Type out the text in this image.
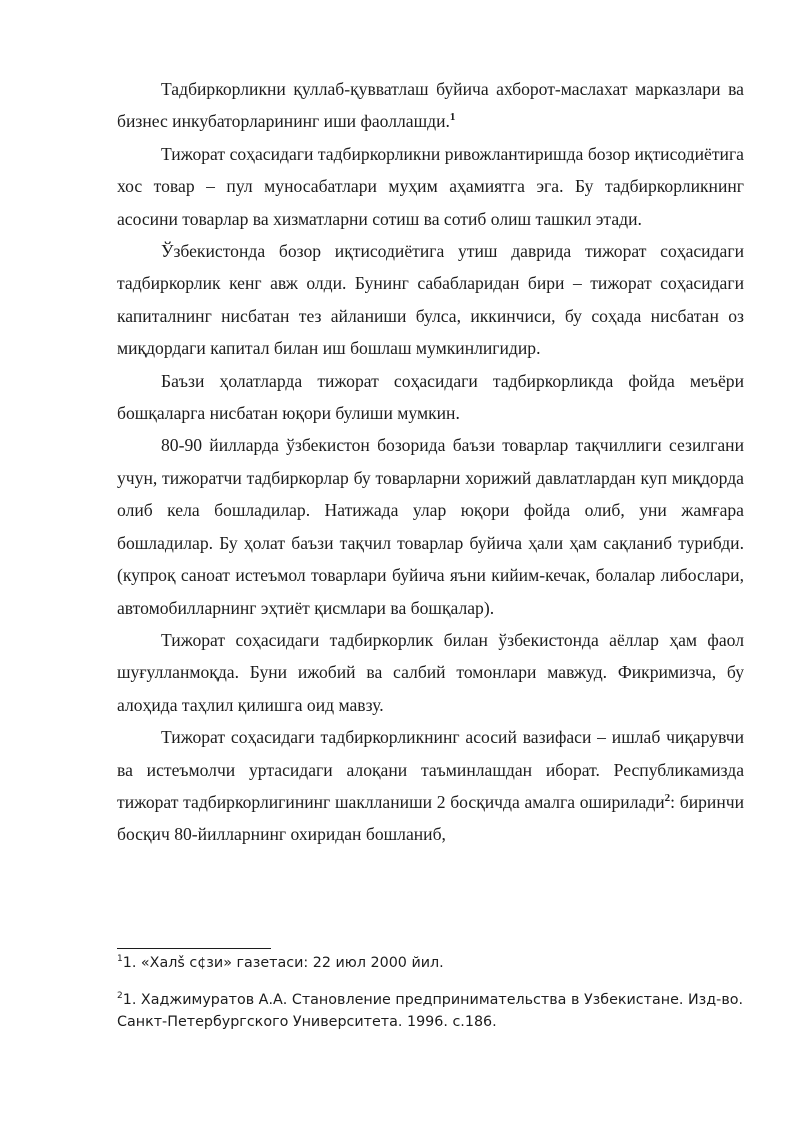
Тадбиркорликни қуллаб-қувватлаш буйича ахборот-маслахат марказлари ва бизнес инкубаторларининг иши фаоллашди.$^1$

Тижорат соҳасидаги тадбиркорликни ривожлантиришда бозор иқтисодиётига хос товар – пул муносабатлари муҳим аҳамиятга эга. Бу тадбиркорликнинг асосини товарлар ва хизматларни сотиш ва сотиб олиш ташкил этади.

Ўзбекистонда бозор иқтисодиётига утиш даврида тижорат соҳасидаги тадбиркорлик кенг авж олди. Бунинг сабабларидан бири – тижорат соҳасидаги капиталнинг нисбатан тез айланиши булса, иккинчиси, бу соҳада нисбатан оз миқдордаги капитал билан иш бошлаш мумкинлигидир.

Баъзи ҳолатларда тижорат соҳасидаги тадбиркорликда фойда меъёри бошқаларга нисбатан юқори булиши мумкин.

80-90 йилларда ўзбекистон бозорида баъзи товарлар тақчиллиги сезилгани учун, тижоратчи тадбиркорлар бу товарларни хорижий давлатлардан куп миқдорда олиб кела бошладилар. Натижада улар юқори фойда олиб, уни жамғара бошладилар. Бу ҳолат баъзи тақчил товарлар буйича ҳали ҳам сақланиб турибди. (купроқ саноат истеъмол товарлари буйича яъни кийим-кечак, болалар либослари, автомобилларнинг эҳтиёт қисмлари ва бошқалар).

Тижорат соҳасидаги тадбиркорлик билан ўзбекистонда аёллар ҳам фаол шуғулланмоқда. Буни ижобий ва салбий томонлари мавжуд. Фикримизча, бу алоҳида таҳлил қилишга оид мавзу.

Тижорат соҳасидаги тадбиркорликнинг асосий вазифаси – ишлаб чиқарувчи ва истеъмолчи уртасидаги алоқани таъминлашдан иборат. Республикамизда тижорат тадбиркорлигининг шаклланиши 2 босқичда амалга оширилади$^2$: биринчи босқич 80-йилларнинг охиридан бошланиб,

$^1$1. «Халš с¢зи» газетаси: 22 июл 2000 йил.

$^2$1. Хаджимуратов А.А. Становление предпринимательства в Узбекистане. Изд-во. Санкт-Петербургского Университета. 1996. с.186.
